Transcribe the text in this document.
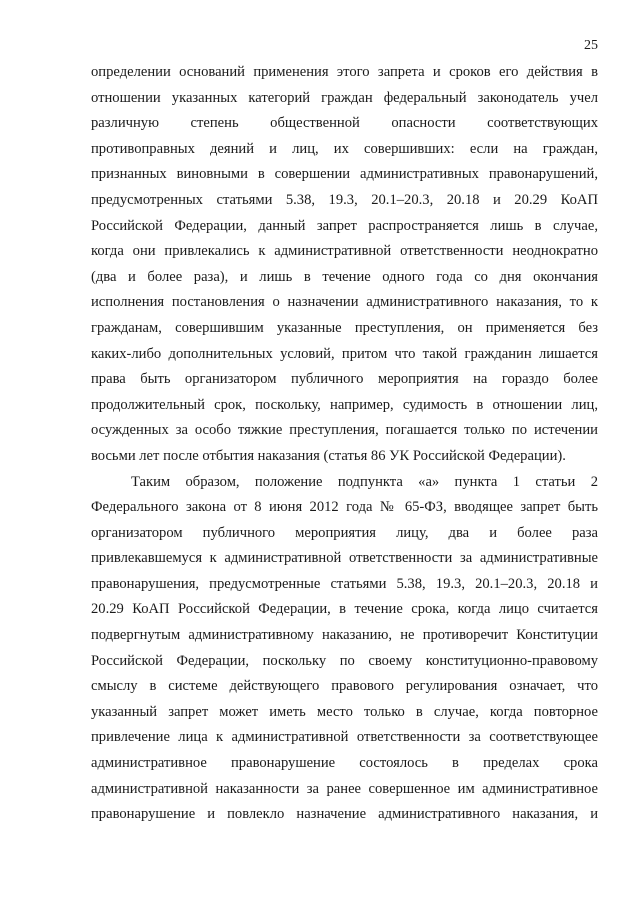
25
определении оснований применения этого запрета и сроков его действия в
отношении указанных категорий граждан федеральный законодатель учел
различную степень общественной опасности соответствующих
противоправных деяний и лиц, их совершивших: если на граждан,
признанных виновными в совершении административных правонарушений,
предусмотренных статьями 5.38, 19.3, 20.1–20.3, 20.18 и 20.29 КоАП
Российской Федерации, данный запрет распространяется лишь в случае,
когда они привлекались к административной ответственности неоднократно
(два и более раза), и лишь в течение одного года со дня окончания
исполнения постановления о назначении административного наказания, то к
гражданам, совершившим указанные преступления, он применяется без
каких-либо дополнительных условий, притом что такой гражданин лишается
права быть организатором публичного мероприятия на гораздо более
продолжительный срок, поскольку, например, судимость в отношении лиц,
осужденных за особо тяжкие преступления, погашается только по истечении
восьми лет после отбытия наказания (статья 86 УК Российской Федерации).
Таким образом, положение подпункта «а» пункта 1 статьи 2
Федерального закона от 8 июня 2012 года № 65-ФЗ, вводящее запрет быть
организатором публичного мероприятия лицу, два и более раза
привлекавшемуся к административной ответственности за административные
правонарушения, предусмотренные статьями 5.38, 19.3, 20.1–20.3, 20.18 и
20.29 КоАП Российской Федерации, в течение срока, когда лицо считается
подвергнутым административному наказанию, не противоречит Конституции
Российской Федерации, поскольку по своему конституционно-правовому
смыслу в системе действующего правового регулирования означает, что
указанный запрет может иметь место только в случае, когда повторное
привлечение лица к административной ответственности за соответствующее
административное правонарушение состоялось в пределах срока
административной наказанности за ранее совершенное им административное
правонарушение и повлекло назначение административного наказания, и
